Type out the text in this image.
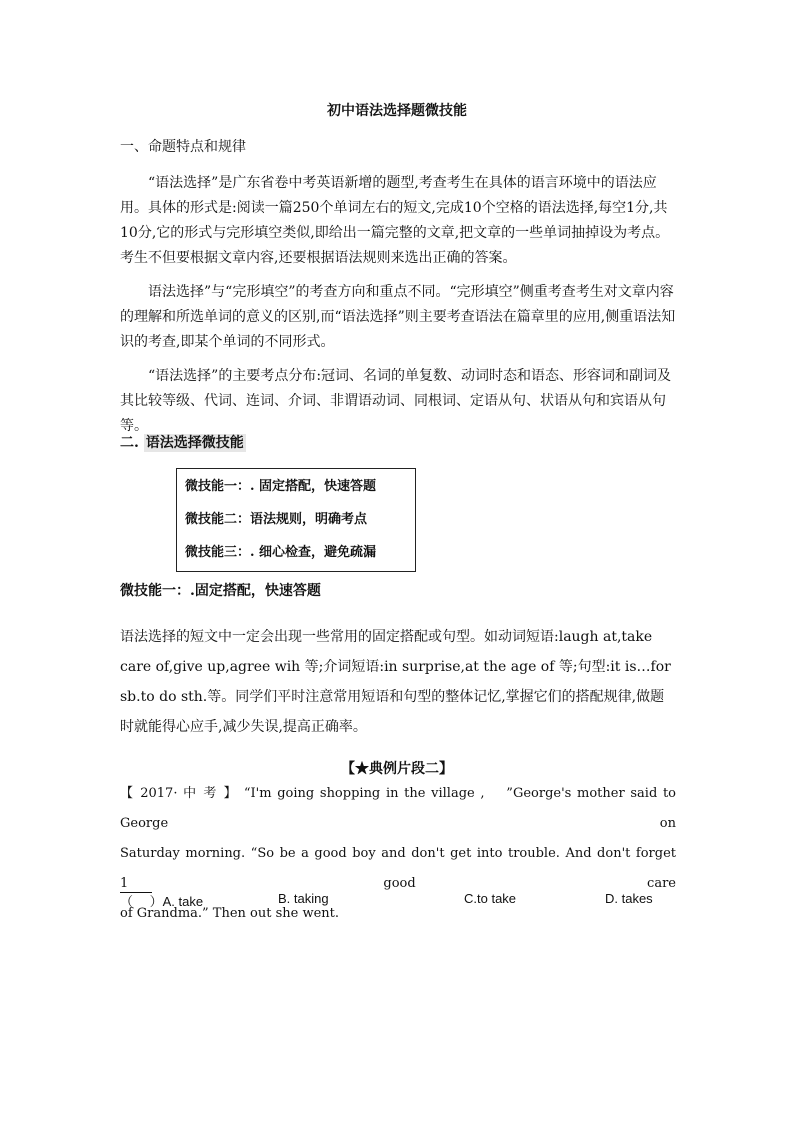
初中语法选择题微技能
一、命题特点和规律

“语法选择”是广东省卷中考英语新增的题型,考查考生在具体的语言环境中的语法应用。具体的形式是:阅读一篇250个单词左右的短文,完成10个空格的语法选择,每空1分,共10分,它的形式与完形填空类似,即给出一篇完整的文章,把文章的一些单词抽掉设为考点。考生不但要根据文章内容,还要根据语法规则来选出正确的答案。

语法选择”与“完形填空”的考查方向和重点不同。“完形填空”侧重考查考生对文章内容的理解和所选单词的意义的区别,而“语法选择”则主要考查语法在篇章里的应用,侧重语法知识的考查,即某个单词的不同形式。

“语法选择”的主要考点分布:冠词、名词的单复数、动词时态和语态、形容词和副词及其比较等级、代词、连词、介词、非谓语动词、同根词、定语从句、状语从句和宾语从句等。

二. 语法选择微技能
微技能一：. 固定搭配，快速答题
微技能二：语法规则，明确考点
微技能三：. 细心检查，避免疏漏
微技能一：.固定搭配，快速答题

语法选择的短文中一定会出现一些常用的固定搭配或句型。如动词短语:laugh at,take care of,give up,agree wih 等;介词短语:in surprise,at the age of 等;句型:it is…for sb.to do sth.等。同学们平时注意常用短语和句型的整体记忆,掌握它们的搭配规律,做题时就能得心应手,减少失误,提高正确率。

【★典例片段二】
【 2017· 中 考 】 “I'm going shopping in the village ,　 ”George's mother said to George on
Saturday morning. “So be a good boy and don't get into trouble. And don't forget 1	good care
of Grandma.” Then out she went.
（　 ）A. take	B. taking	C.to take	D. takes
